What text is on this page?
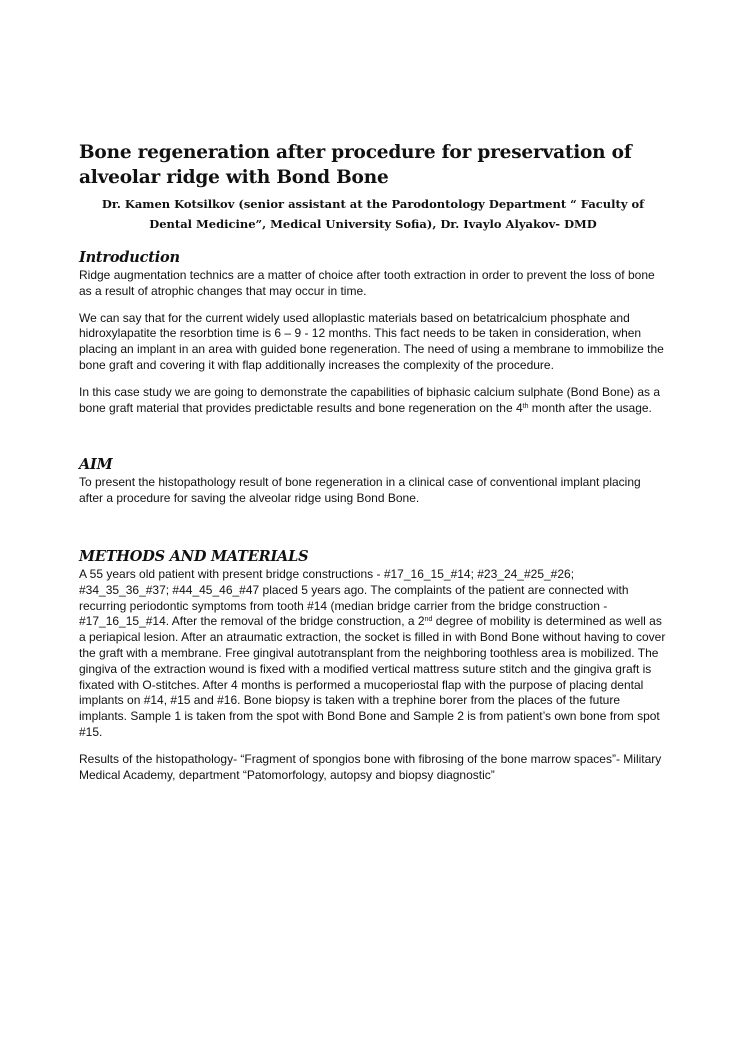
Bone regeneration after procedure for preservation of alveolar ridge with Bond Bone
Dr. Kamen Kotsilkov (senior assistant at the Parodontology Department “ Faculty of Dental Medicine”, Medical University Sofia), Dr. Ivaylo Alyakov- DMD
Introduction

Ridge augmentation technics are a matter of choice after tooth extraction in order to prevent the loss of bone as a result of atrophic changes that may occur in time.

We can say that for the current widely used alloplastic materials based on betatricalcium phosphate and hidroxylapatite the resorbtion time is 6 – 9 - 12 months. This fact needs to be taken in consideration, when placing an implant in an area with guided bone regeneration. The need of using a membrane to immobilize the bone graft and covering it with flap additionally increases the complexity of the procedure.

In this case study we are going to demonstrate the capabilities of biphasic calcium sulphate (Bond Bone) as a bone graft material that provides predictable results and bone regeneration on the 4th month after the usage.

AIM

To present the histopathology result of bone regeneration in a clinical case of conventional implant placing after a procedure for saving the alveolar ridge using Bond Bone.

METHODS AND MATERIALS

A 55 years old patient with present bridge constructions - #17_16_15_#14; #23_24_#25_#26; #34_35_36_#37; #44_45_46_#47 placed 5 years ago. The complaints of the patient are connected with recurring periodontic symptoms from tooth #14 (median bridge carrier from the bridge construction - #17_16_15_#14. After the removal of the bridge construction, a 2nd degree of mobility is determined as well as a periapical lesion. After an atraumatic extraction, the socket is filled in with Bond Bone without having to cover the graft with a membrane. Free gingival autotransplant from the neighboring toothless area is mobilized. The gingiva of the extraction wound is fixed with a modified vertical mattress suture stitch and the gingiva graft is fixated with O-stitches. After 4 months is performed a mucoperiostal flap with the purpose of placing dental implants on #14, #15 and #16. Bone biopsy is taken with a trephine borer from the places of the future implants. Sample 1 is taken from the spot with Bond Bone and Sample 2 is from patient’s own bone from spot #15.

Results of the histopathology- “Fragment of spongios bone with fibrosing of the bone marrow spaces”- Military Medical Academy, department “Patomorfology, autopsy and biopsy diagnostic”
